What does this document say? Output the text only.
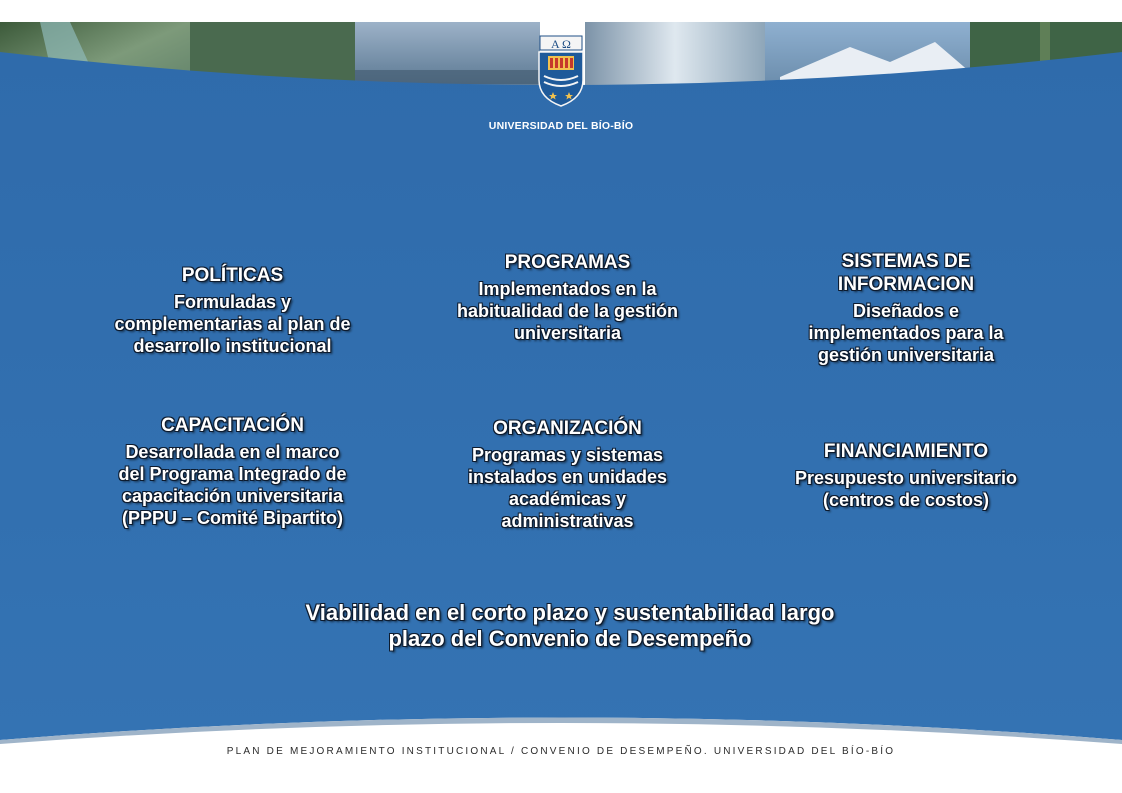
A Ω
UNIVERSIDAD DEL BÍO-BÍO
POLÍTICAS
Formuladas y
complementarias al plan de
desarrollo institucional
PROGRAMAS
Implementados en la
habitualidad de la gestión
universitaria
SISTEMAS DE
INFORMACION
Diseñados e
implementados para la
gestión universitaria
CAPACITACIÓN
Desarrollada en el marco
del Programa Integrado de
capacitación universitaria
(PPPU – Comité Bipartito)
ORGANIZACIÓN
Programas y sistemas
instalados en unidades
académicas y
administrativas
FINANCIAMIENTO
Presupuesto universitario
(centros de costos)
Viabilidad en el corto plazo y sustentabilidad largo
plazo del Convenio de Desempeño
PLAN DE MEJORAMIENTO INSTITUCIONAL / CONVENIO DE DESEMPEÑO. UNIVERSIDAD DEL BÍO-BÍO
